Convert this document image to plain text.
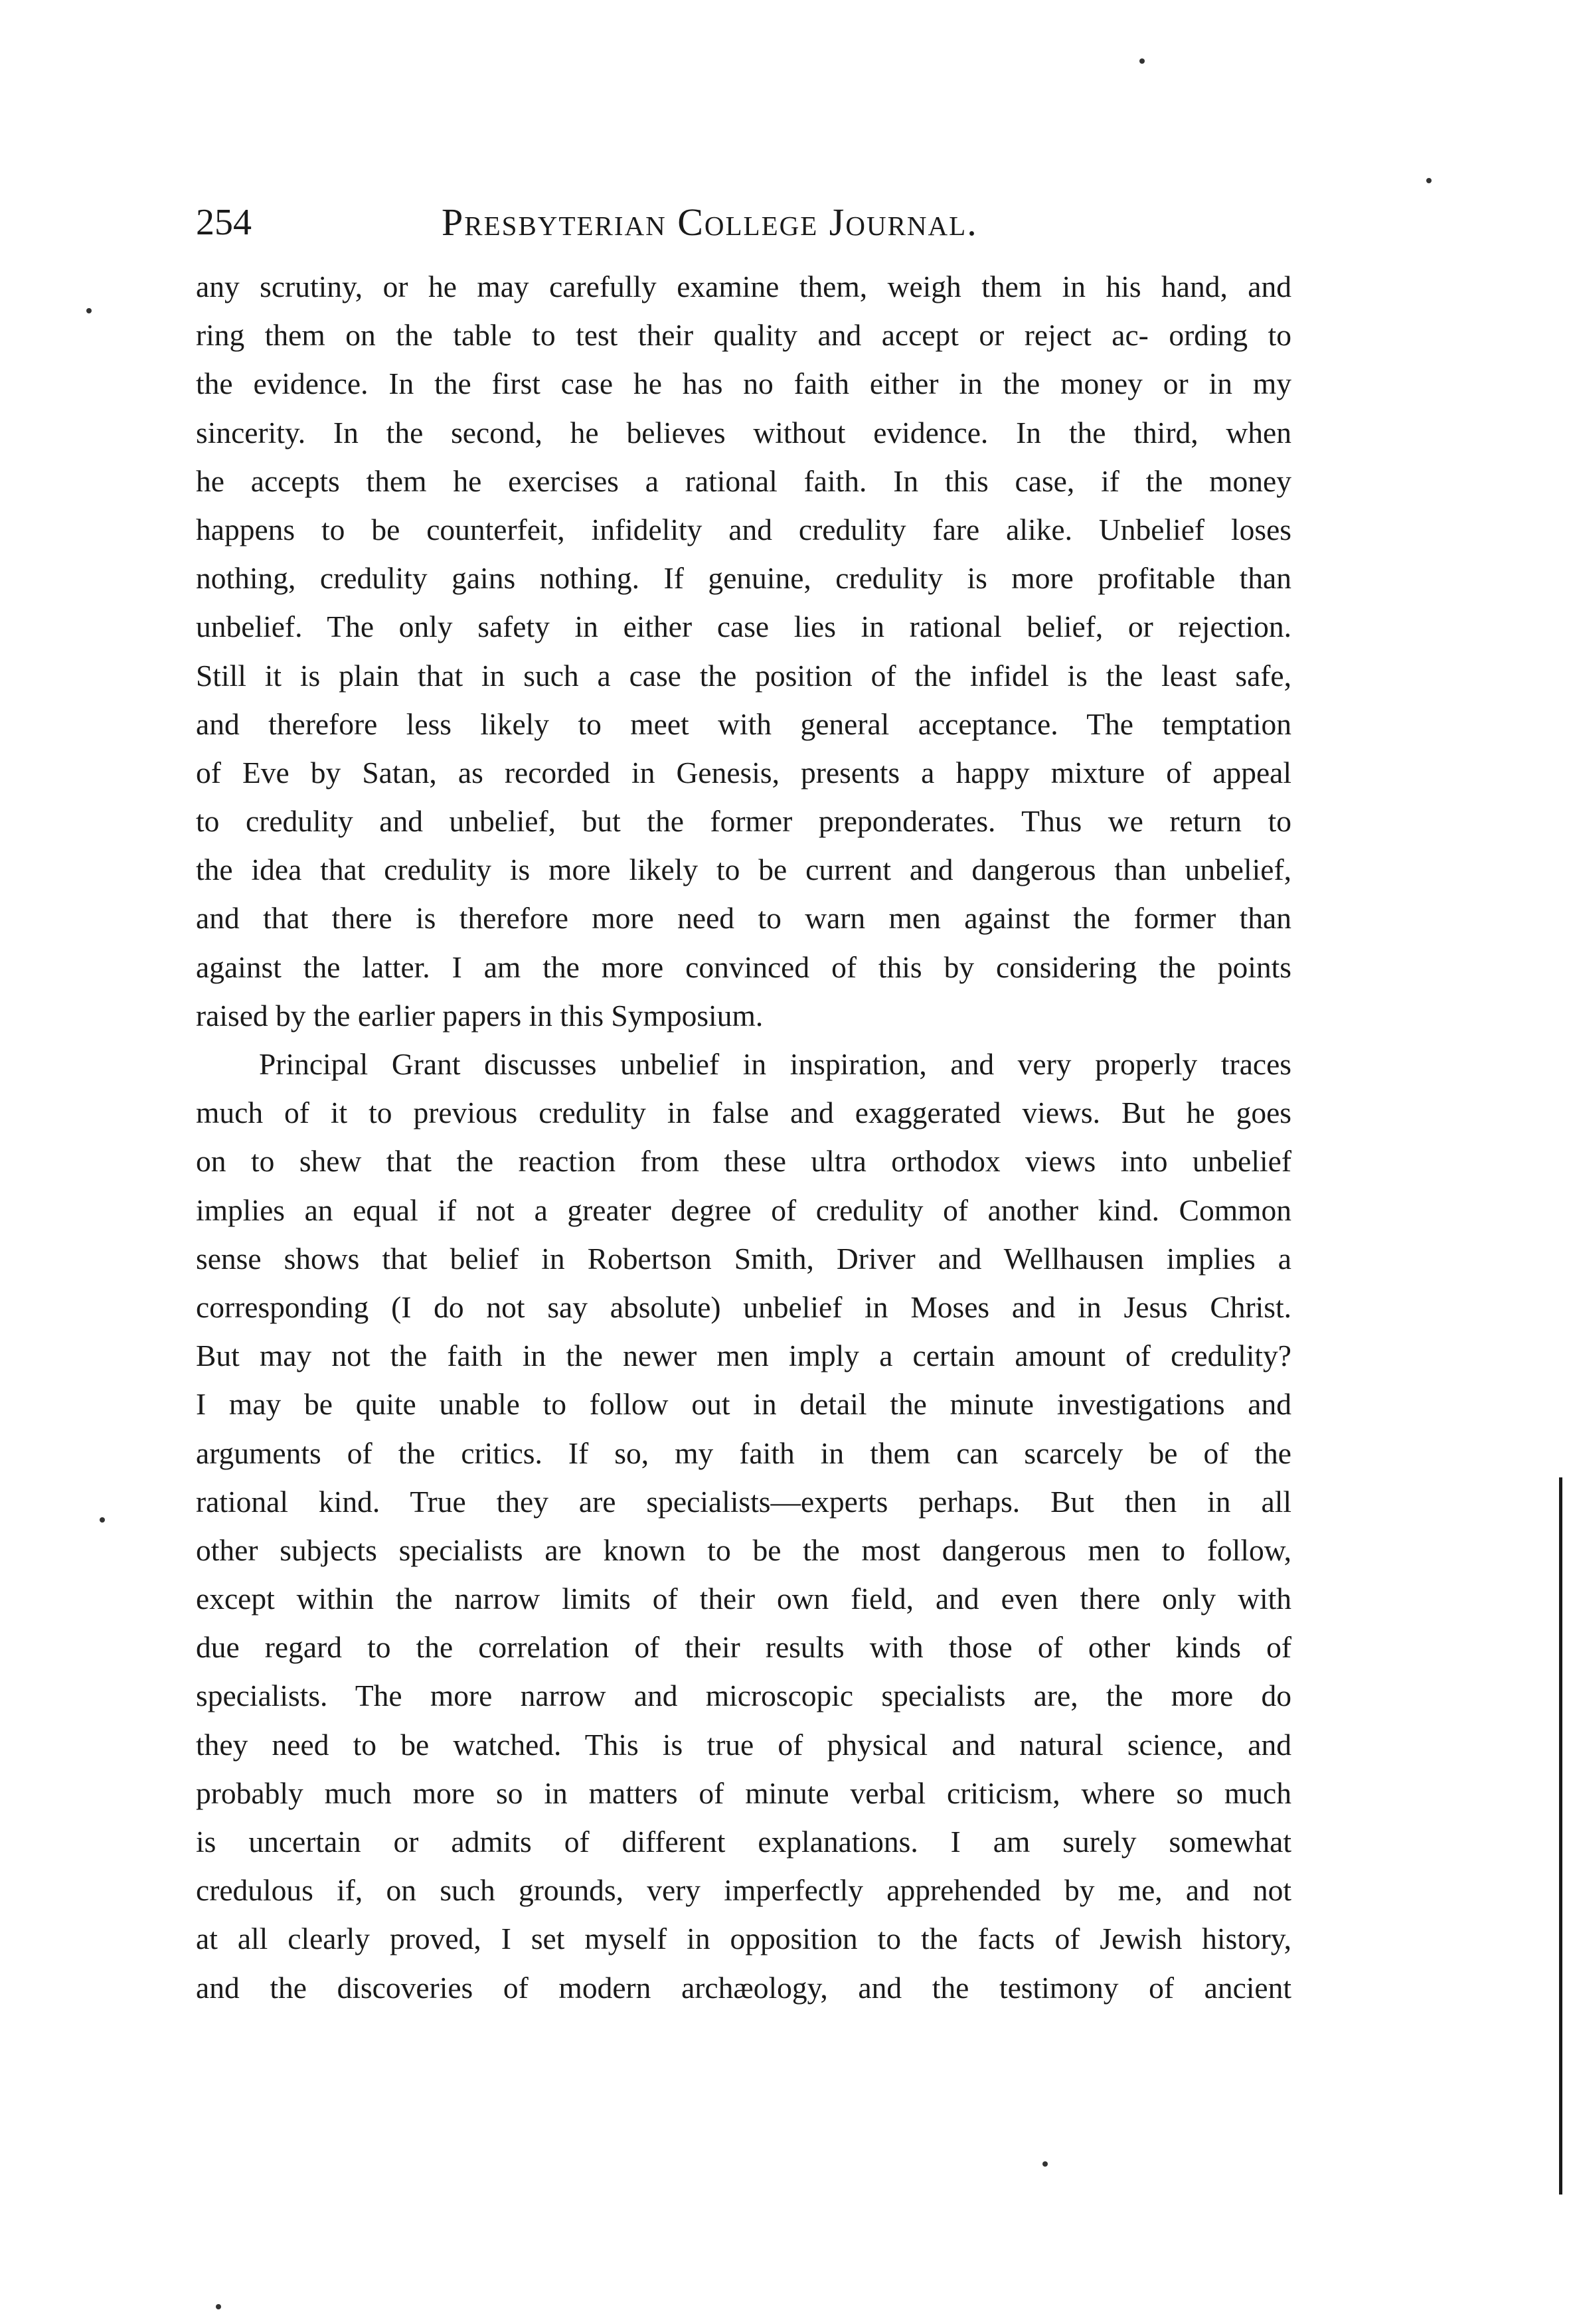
254	Presbyterian College Journal.
any scrutiny, or he may carefully examine them, weigh them in his hand, and
ring them on the table to test their quality and accept or reject ac- ording to
the evidence. In the first case he has no faith either in the money or in my
sincerity. In the second, he believes without evidence. In the third, when
he accepts them he exercises a rational faith. In this case, if the money
happens to be counterfeit, infidelity and credulity fare alike. Unbelief loses
nothing, credulity gains nothing. If genuine, credulity is more profitable than
unbelief. The only safety in either case lies in rational belief, or rejection.
Still it is plain that in such a case the position of the infidel is the least safe,
and therefore less likely to meet with general acceptance. The temptation
of Eve by Satan, as recorded in Genesis, presents a happy mixture of appeal
to credulity and unbelief, but the former preponderates. Thus we return to
the idea that credulity is more likely to be current and dangerous than unbelief,
and that there is therefore more need to warn men against the former than
against the latter. I am the more convinced of this by considering the points
raised by the earlier papers in this Symposium.
Principal Grant discusses unbelief in inspiration, and very properly traces
much of it to previous credulity in false and exaggerated views. But he goes
on to shew that the reaction from these ultra orthodox views into unbelief
implies an equal if not a greater degree of credulity of another kind. Common
sense shows that belief in Robertson Smith, Driver and Wellhausen implies a
corresponding (I do not say absolute) unbelief in Moses and in Jesus Christ.
But may not the faith in the newer men imply a certain amount of credulity?
I may be quite unable to follow out in detail the minute investigations and
arguments of the critics. If so, my faith in them can scarcely be of the
rational kind. True they are specialists—experts perhaps. But then in all
other subjects specialists are known to be the most dangerous men to follow,
except within the narrow limits of their own field, and even there only with
due regard to the correlation of their results with those of other kinds of
specialists. The more narrow and microscopic specialists are, the more do
they need to be watched. This is true of physical and natural science, and
probably much more so in matters of minute verbal criticism, where so much
is uncertain or admits of different explanations. I am surely somewhat
credulous if, on such grounds, very imperfectly apprehended by me, and not
at all clearly proved, I set myself in opposition to the facts of Jewish history,
and the discoveries of modern archæology, and the testimony of ancient
